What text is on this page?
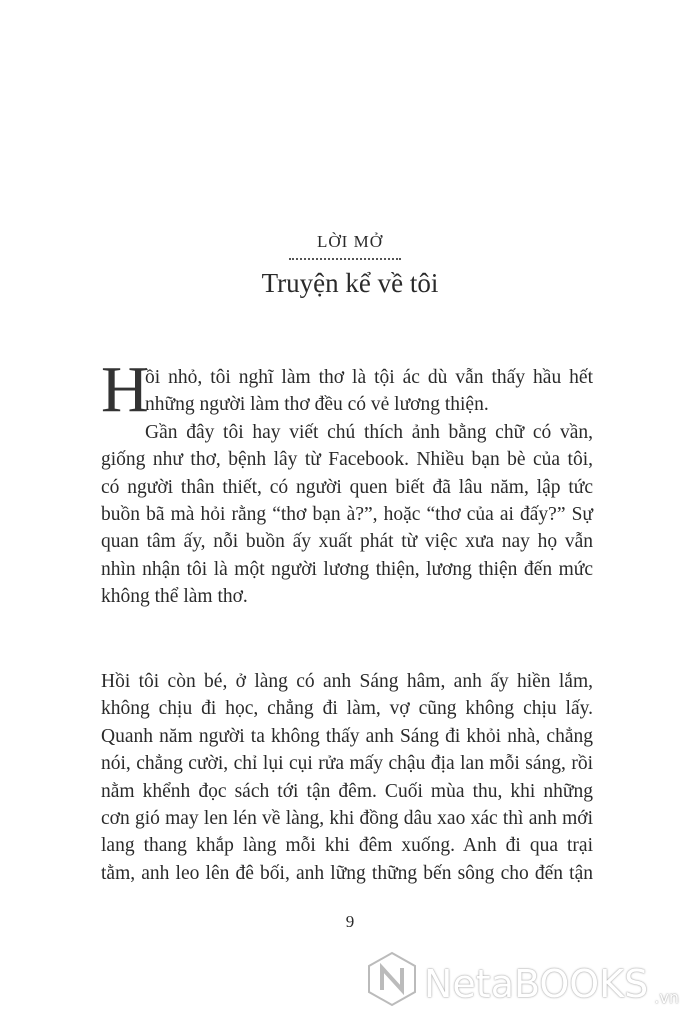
LỜI MỞ
Truyện kể về tôi
H
ồi nhỏ, tôi nghĩ làm thơ là tội ác dù vẫn thấy hầu hết
những người làm thơ đều có vẻ lương thiện.
Gần đây tôi hay viết chú thích ảnh bằng chữ có vần,
giống như thơ, bệnh lây từ Facebook. Nhiều bạn bè của tôi,
có người thân thiết, có người quen biết đã lâu năm, lập tức
buồn bã mà hỏi rằng “thơ bạn à?”, hoặc “thơ của ai đấy?” Sự
quan tâm ấy, nỗi buồn ấy xuất phát từ việc xưa nay họ vẫn
nhìn nhận tôi là một người lương thiện, lương thiện đến mức
không thể làm thơ.
Hồi tôi còn bé, ở làng có anh Sáng hâm, anh ấy hiền lắm,
không chịu đi học, chẳng đi làm, vợ cũng không chịu lấy.
Quanh năm người ta không thấy anh Sáng đi khỏi nhà, chẳng
nói, chẳng cười, chỉ lụi cụi rửa mấy chậu địa lan mỗi sáng, rồi
nằm khểnh đọc sách tới tận đêm. Cuối mùa thu, khi những
cơn gió may len lén về làng, khi đồng dâu xao xác thì anh mới
lang thang khắp làng mỗi khi đêm xuống. Anh đi qua trại
tằm, anh leo lên đê bối, anh lững thững bến sông cho đến tận
9
NetaBOOKS .vn
